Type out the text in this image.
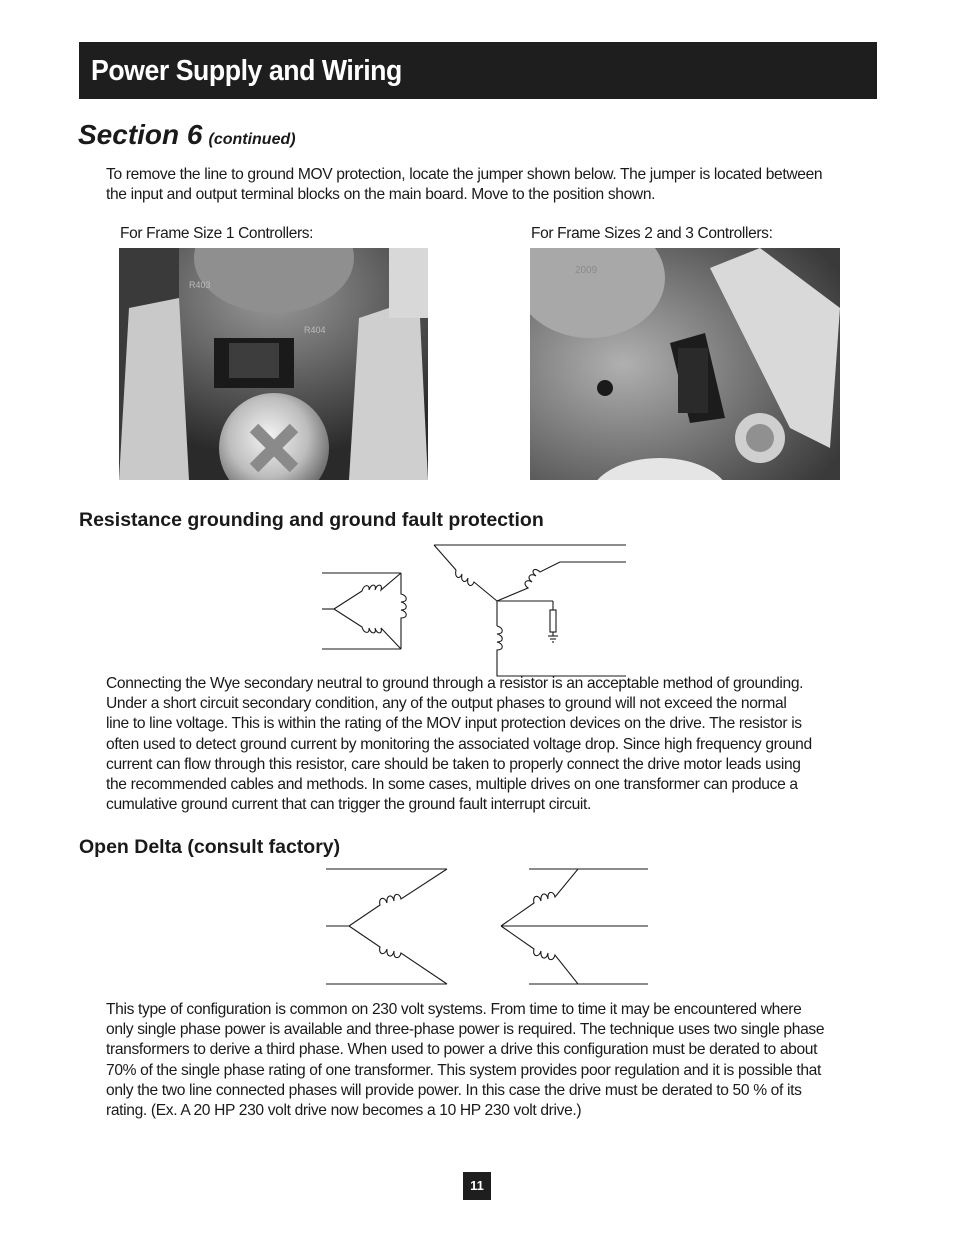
Power Supply and Wiring
Section 6 (continued)
To remove the line to ground MOV protection, locate the jumper shown below. The jumper is located between
the input and output terminal blocks on the main board. Move to the position shown.
For Frame Size 1 Controllers:	For Frame Sizes 2 and 3 Controllers:
R403
R404
2009
Resistance grounding and ground fault protection
Connecting the Wye secondary neutral to ground through a resistor is an acceptable method of grounding.
Under a short circuit secondary condition, any of the output phases to ground will not exceed the normal
line to line voltage. This is within the rating of the MOV input protection devices on the drive. The resistor is
often used to detect ground current by monitoring the associated voltage drop. Since high frequency ground
current can flow through this resistor, care should be taken to properly connect the drive motor leads using
the recommended cables and methods. In some cases, multiple drives on one transformer can produce a
cumulative ground current that can trigger the ground fault interrupt circuit.
Open Delta (consult factory)
This type of configuration is common on 230 volt systems. From time to time it may be encountered where
only single phase power is available and three-phase power is required. The technique uses two single phase
transformers to derive a third phase. When used to power a drive this configuration must be derated to about
70% of the single phase rating of one transformer. This system provides poor regulation and it is possible that
only the two line connected phases will provide power. In this case the drive must be derated to 50 % of its
rating. (Ex. A 20 HP 230 volt drive now becomes a 10 HP 230 volt drive.)
11
